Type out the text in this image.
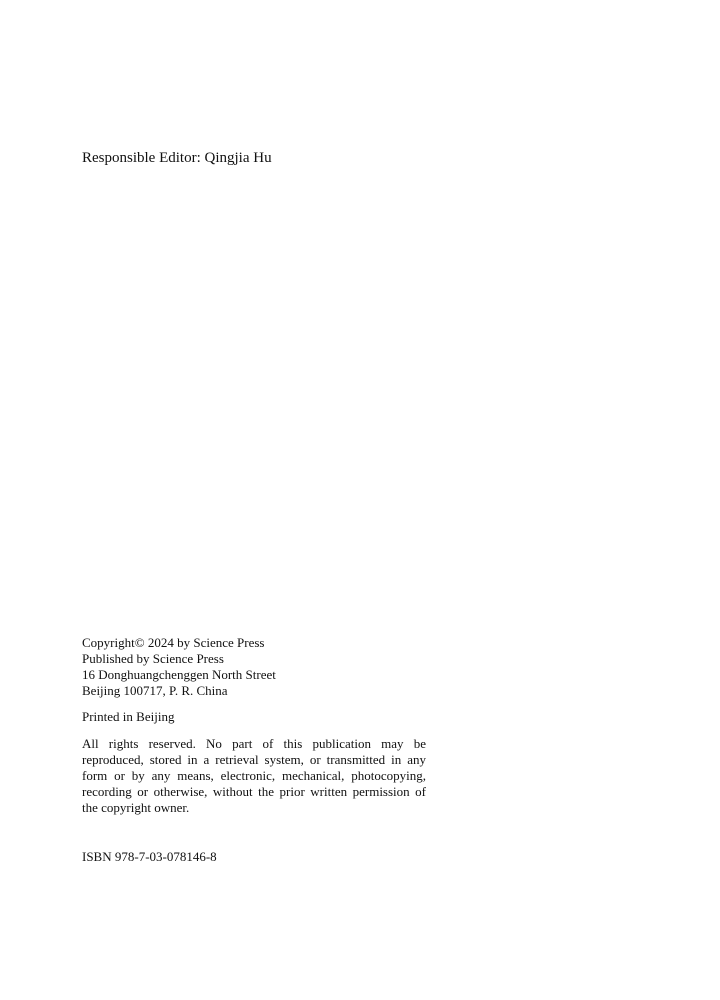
Responsible Editor: Qingjia Hu
Copyright© 2024 by Science Press
Published by Science Press
16 Donghuangchenggen North Street
Beijing 100717, P. R. China
Printed in Beijing
All rights reserved. No part of this publication may be reproduced, stored in a retrieval system, or transmitted in any form or by any means, electronic, mechanical, photocopying, recording or otherwise, without the prior written permission of the copyright owner.
ISBN 978-7-03-078146-8
